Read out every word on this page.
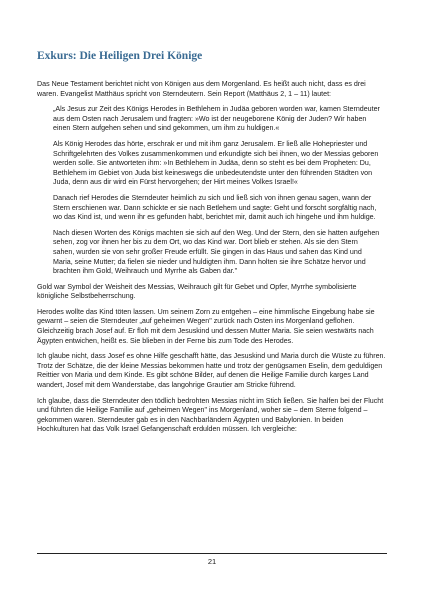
Exkurs: Die Heiligen Drei Könige

Das Neue Testament berichtet nicht von Königen aus dem Morgenland. Es heißt auch nicht, dass es drei waren. Evangelist Matthäus spricht von Sterndeutern. Sein Report (Matthäus 2, 1 – 11) lautet:

„Als Jesus zur Zeit des Königs Herodes in Bethlehem in Judäa geboren worden war, kamen Sterndeuter aus dem Osten nach Jerusalem und fragten: »Wo ist der neugeborene König der Juden? Wir haben einen Stern aufgehen sehen und sind gekommen, um ihm zu huldigen.«

Als König Herodes das hörte, erschrak er und mit ihm ganz Jerusalem. Er ließ alle Hohepriester und Schriftgelehrten des Volkes zusammenkommen und erkundigte sich bei ihnen, wo der Messias geboren werden solle. Sie antworteten ihm: »In Bethlehem in Judäa, denn so steht es bei dem Propheten: Du, Bethlehem im Gebiet von Juda bist keineswegs die unbedeutendste unter den führenden Städten von Juda, denn aus dir wird ein Fürst hervorgehen; der Hirt meines Volkes Israel!«

Danach rief Herodes die Sterndeuter heimlich zu sich und ließ sich von ihnen genau sagen, wann der Stern erschienen war. Dann schickte er sie nach Betlehem und sagte: Geht und forscht sorgfältig nach, wo das Kind ist, und wenn ihr es gefunden habt, berichtet mir, damit auch ich hingehe und ihm huldige.

Nach diesen Worten des Königs machten sie sich auf den Weg. Und der Stern, den sie hatten aufgehen sehen, zog vor ihnen her bis zu dem Ort, wo das Kind war. Dort blieb er stehen. Als sie den Stern sahen, wurden sie von sehr großer Freude erfüllt. Sie gingen in das Haus und sahen das Kind und Maria, seine Mutter; da fielen sie nieder und huldigten ihm. Dann holten sie ihre Schätze hervor und brachten ihm Gold, Weihrauch und Myrrhe als Gaben dar."

Gold war Symbol der Weisheit des Messias, Weihrauch gilt für Gebet und Opfer, Myrrhe symbolisierte königliche Selbstbeherrschung.

Herodes wollte das Kind töten lassen. Um seinem Zorn zu entgehen – eine himmlische Eingebung habe sie gewarnt – seien die Sterndeuter „auf geheimen Wegen" zurück nach Osten ins Morgenland geflohen. Gleichzeitig brach Josef auf. Er floh mit dem Jesuskind und dessen Mutter Maria. Sie seien westwärts nach Ägypten entwichen, heißt es. Sie blieben in der Ferne bis zum Tode des Herodes.

Ich glaube nicht, dass Josef es ohne Hilfe geschafft hätte, das Jesuskind und Maria durch die Wüste zu führen. Trotz der Schätze, die der kleine Messias bekommen hatte und trotz der genügsamen Eselin, dem geduldigen Reittier von Maria und dem Kinde. Es gibt schöne Bilder, auf denen die Heilige Familie durch karges Land wandert, Josef mit dem Wanderstabe, das langohrige Grautier am Stricke führend.

Ich glaube, dass die Sterndeuter den tödlich bedrohten Messias nicht im Stich ließen. Sie halfen bei der Flucht und führten die Heilige Familie auf „geheimen Wegen" ins Morgenland, woher sie – dem Sterne folgend – gekommen waren. Sterndeuter gab es in den Nachbarländern Ägypten und Babylonien. In beiden Hochkulturen hat das Volk Israel Gefangenschaft erdulden müssen. Ich vergleiche:

21
